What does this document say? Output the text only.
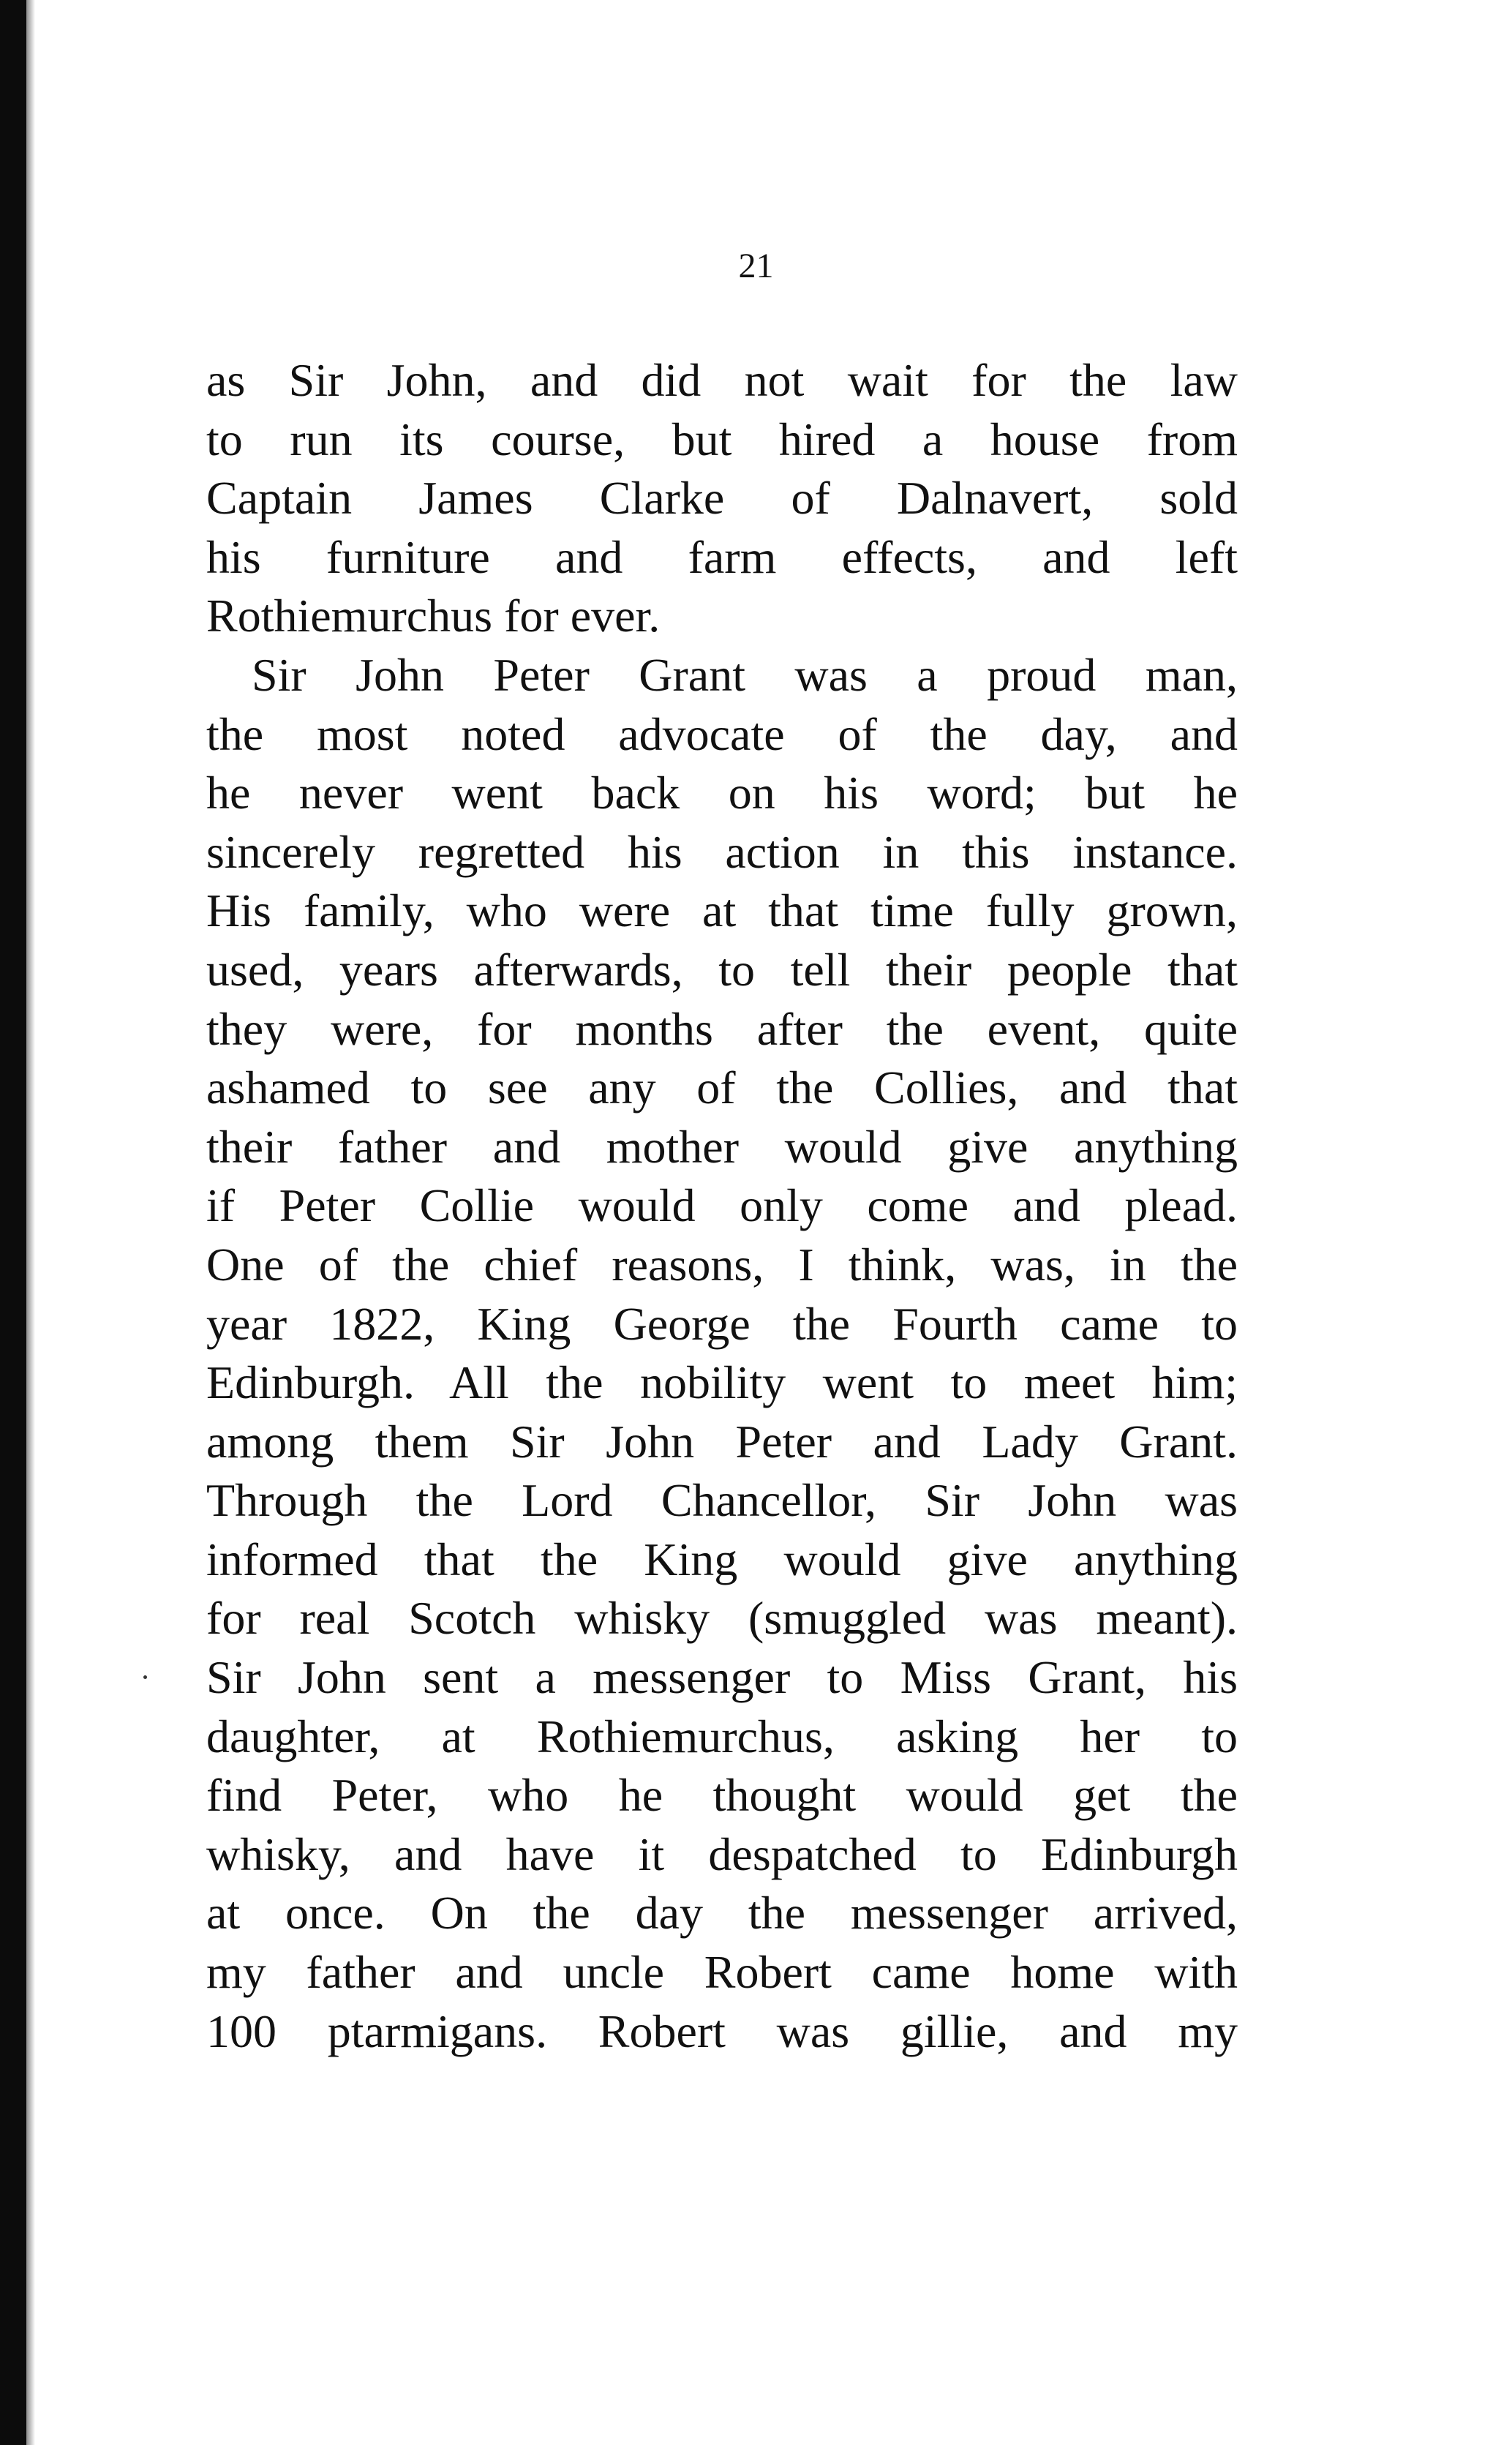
21
as Sir John, and did not wait for the law
to run its course, but hired a house from
Captain James Clarke of Dalnavert, sold
his furniture and farm effects, and left
Rothiemurchus for ever.
Sir John Peter Grant was a proud man,
the most noted advocate of the day, and
he never went back on his word; but he
sincerely regretted his action in this instance.
His family, who were at that time fully grown,
used, years afterwards, to tell their people that
they were, for months after the event, quite
ashamed to see any of the Collies, and that
their father and mother would give anything
if Peter Collie would only come and plead.
One of the chief reasons, I think, was, in the
year 1822, King George the Fourth came to
Edinburgh. All the nobility went to meet him;
among them Sir John Peter and Lady Grant.
Through the Lord Chancellor, Sir John was
informed that the King would give anything
for real Scotch whisky (smuggled was meant).
Sir John sent a messenger to Miss Grant, his
daughter, at Rothiemurchus, asking her to
find Peter, who he thought would get the
whisky, and have it despatched to Edinburgh
at once. On the day the messenger arrived,
my father and uncle Robert came home with
100 ptarmigans. Robert was gillie, and my
